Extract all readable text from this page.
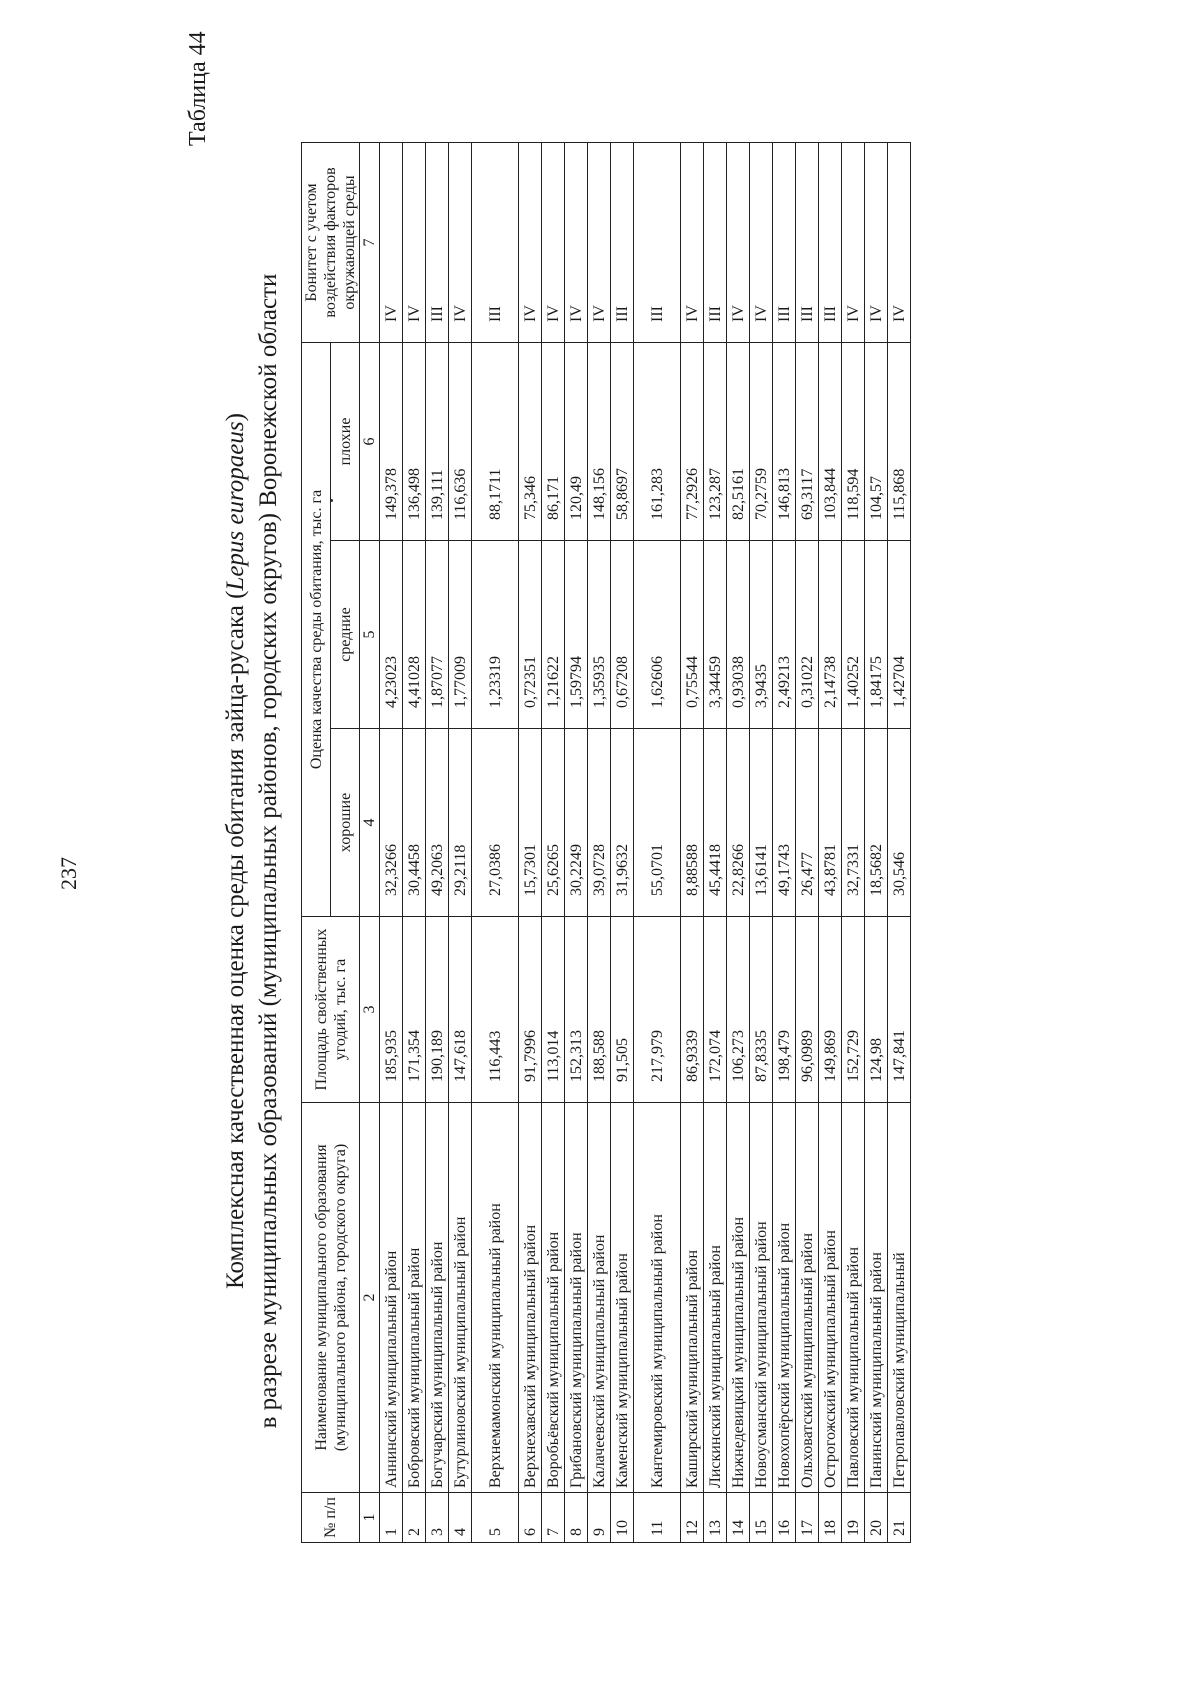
237
Таблица 44
Комплексная качественная оценка среды обитания зайца-русака (Lepus europaeus) в разрезе муниципальных образований (муниципальных районов, городских округов) Воронежской области
№ п/п	Наименование муниципального образования (муниципального района, городского округа)	Площадь свойственных угодий, тыс. га	Оценка качества среды обитания, тыс. га			Бонитет с учетом воздействия факторов окружающей среды
			хорошие	средние	плохие	
1	2	3	4	5	6	7
1	Аннинский муниципальный район	185,935	32,3266	4,23023	149,378	IV
2	Бобровский муниципальный район	171,354	30,4458	4,41028	136,498	IV
3	Богучарский муниципальный район	190,189	49,2063	1,87077	139,111	III
4	Бутурлиновский муниципальный район	147,618	29,2118	1,77009	116,636	IV
5	Верхнемамонский муниципальный район	116,443	27,0386	1,23319	88,1711	III
6	Верхнехавский муниципальный район	91,7996	15,7301	0,72351	75,346	IV
7	Воробьёвский муниципальный район	113,014	25,6265	1,21622	86,171	IV
8	Грибановский муниципальный район	152,313	30,2249	1,59794	120,49	IV
9	Калачеевский муниципальный район	188,588	39,0728	1,35935	148,156	IV
10	Каменский муниципальный район	91,505	31,9632	0,67208	58,8697	III
11	Кантемировский муниципальный район	217,979	55,0701	1,62606	161,283	III
12	Каширский муниципальный район	86,9339	8,88588	0,75544	77,2926	IV
13	Лискинский муниципальный район	172,074	45,4418	3,34459	123,287	III
14	Нижнедевицкий муниципальный район	106,273	22,8266	0,93038	82,5161	IV
15	Новоусманский муниципальный район	87,8335	13,6141	3,9435	70,2759	IV
16	Новохопёрский муниципальный район	198,479	49,1743	2,49213	146,813	III
17	Ольховатский муниципальный район	96,0989	26,477	0,31022	69,3117	III
18	Острогожский муниципальный район	149,869	43,8781	2,14738	103,844	III
19	Павловский муниципальный район	152,729	32,7331	1,40252	118,594	IV
20	Панинский муниципальный район	124,98	18,5682	1,84175	104,57	IV
21	Петропавловский муниципальный	147,841	30,546	1,42704	115,868	IV
